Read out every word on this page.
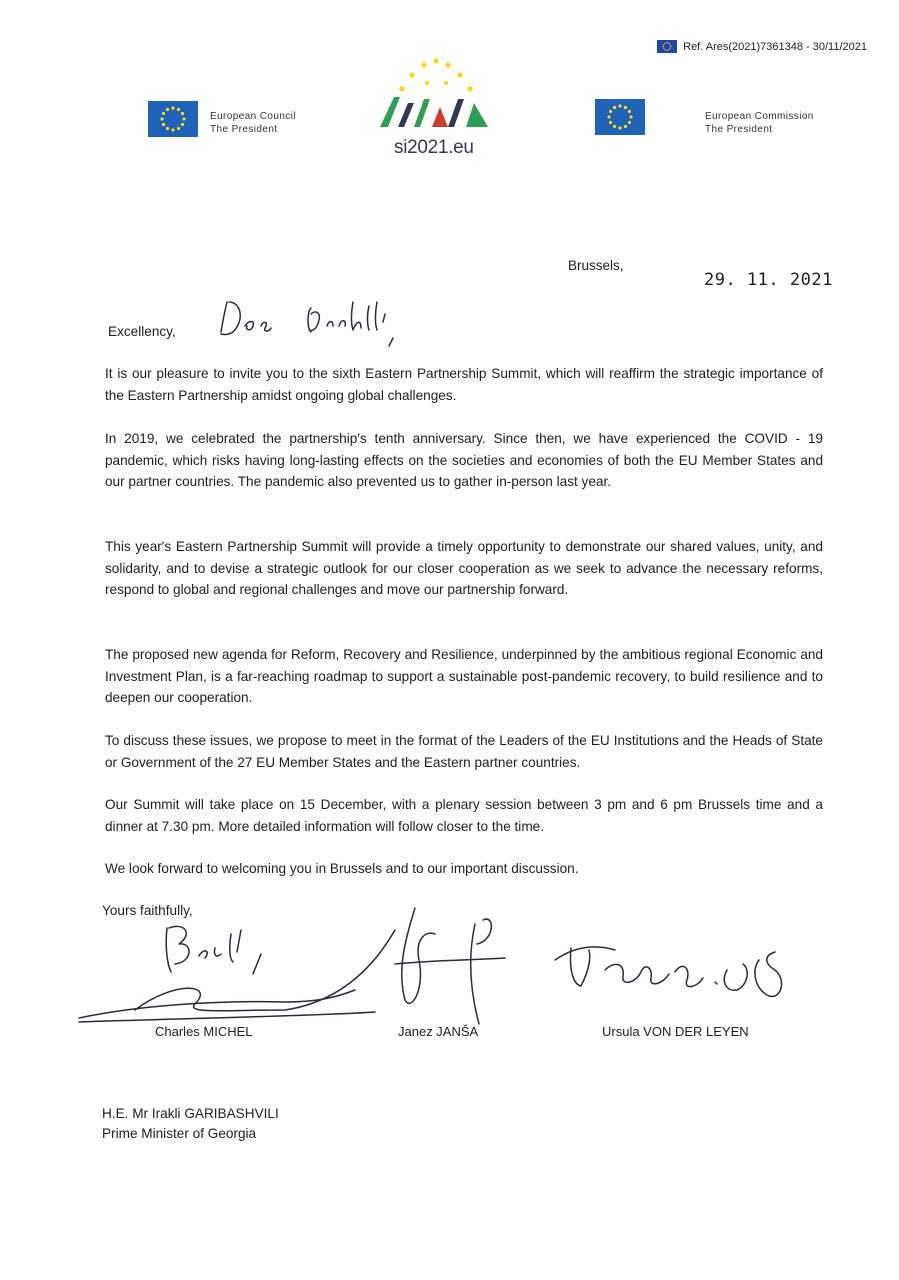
Ref. Ares(2021)7361348 - 30/11/2021
European Council
The President
si2021.eu
European Commission
The President
Brussels,
29. 11. 2021
Excellency,
It is our pleasure to invite you to the sixth Eastern Partnership Summit, which will reaffirm the strategic importance of the Eastern Partnership amidst ongoing global challenges.
In 2019, we celebrated the partnership's tenth anniversary. Since then, we have experienced the COVID - 19 pandemic, which risks having long-lasting effects on the societies and economies of both the EU Member States and our partner countries. The pandemic also prevented us to gather in-person last year.
This year's Eastern Partnership Summit will provide a timely opportunity to demonstrate our shared values, unity, and solidarity, and to devise a strategic outlook for our closer cooperation as we seek to advance the necessary reforms, respond to global and regional challenges and move our partnership forward.
The proposed new agenda for Reform, Recovery and Resilience, underpinned by the ambitious regional Economic and Investment Plan, is a far-reaching roadmap to support a sustainable post-pandemic recovery, to build resilience and to deepen our cooperation.
To discuss these issues, we propose to meet in the format of the Leaders of the EU Institutions and the Heads of State or Government of the 27 EU Member States and the Eastern partner countries.
Our Summit will take place on 15 December, with a plenary session between 3 pm and 6 pm Brussels time and a dinner at 7.30 pm. More detailed information will follow closer to the time.
We look forward to welcoming you in Brussels and to our important discussion.
Yours faithfully,
Charles MICHEL	Janez JANŠA	Ursula VON DER LEYEN
H.E. Mr Irakli GARIBASHVILI
Prime Minister of Georgia
